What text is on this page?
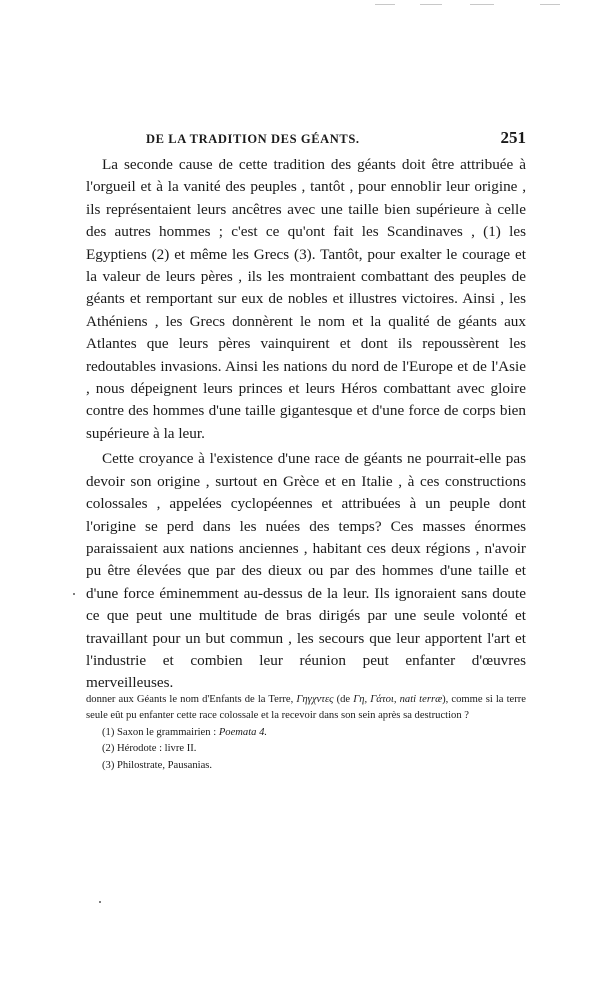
DE LA TRADITION DES GÉANTS.	251

La seconde cause de cette tradition des géants doit être attribuée à l'orgueil et à la vanité des peuples , tantôt , pour ennoblir leur origine , ils représentaient leurs ancêtres avec une taille bien supérieure à celle des autres hommes ; c'est ce qu'ont fait les Scandinaves , (1) les Egyptiens (2) et même les Grecs (3). Tantôt, pour exalter le courage et la valeur de leurs pères , ils les montraient combattant des peuples de géants et remportant sur eux de nobles et illustres victoires. Ainsi , les Athéniens , les Grecs donnèrent le nom et la qualité de géants aux Atlantes que leurs pères vainquirent et dont ils repoussèrent les redoutables invasions. Ainsi les nations du nord de l'Europe et de l'Asie , nous dépeignent leurs princes et leurs Héros combattant avec gloire contre des hommes d'une taille gigantesque et d'une force de corps bien supérieure à la leur.

Cette croyance à l'existence d'une race de géants ne pourrait-elle pas devoir son origine , surtout en Grèce et en Italie , à ces constructions colossales , appelées cyclopéennes et attribuées à un peuple dont l'origine se perd dans les nuées des temps? Ces masses énormes paraissaient aux nations anciennes , habitant ces deux régions , n'avoir pu être élevées que par des dieux ou par des hommes d'une taille et d'une force éminemment au-dessus de la leur. Ils ignoraient sans doute ce que peut une multitude de bras dirigés par une seule volonté et travaillant pour un but commun , les secours que leur apportent l'art et l'industrie et combien leur réunion peut enfanter d'œuvres merveilleuses.

donner aux Géants le nom d'Enfants de la Terre, Γηγχντες (de Γη, Γάτοι, nati terræ), comme si la terre seule eût pu enfanter cette race colossale et la recevoir dans son sein après sa destruction ?

(1) Saxon le grammairien : Poemata 4.

(2) Hérodote : livre II.

(3) Philostrate, Pausanias.
